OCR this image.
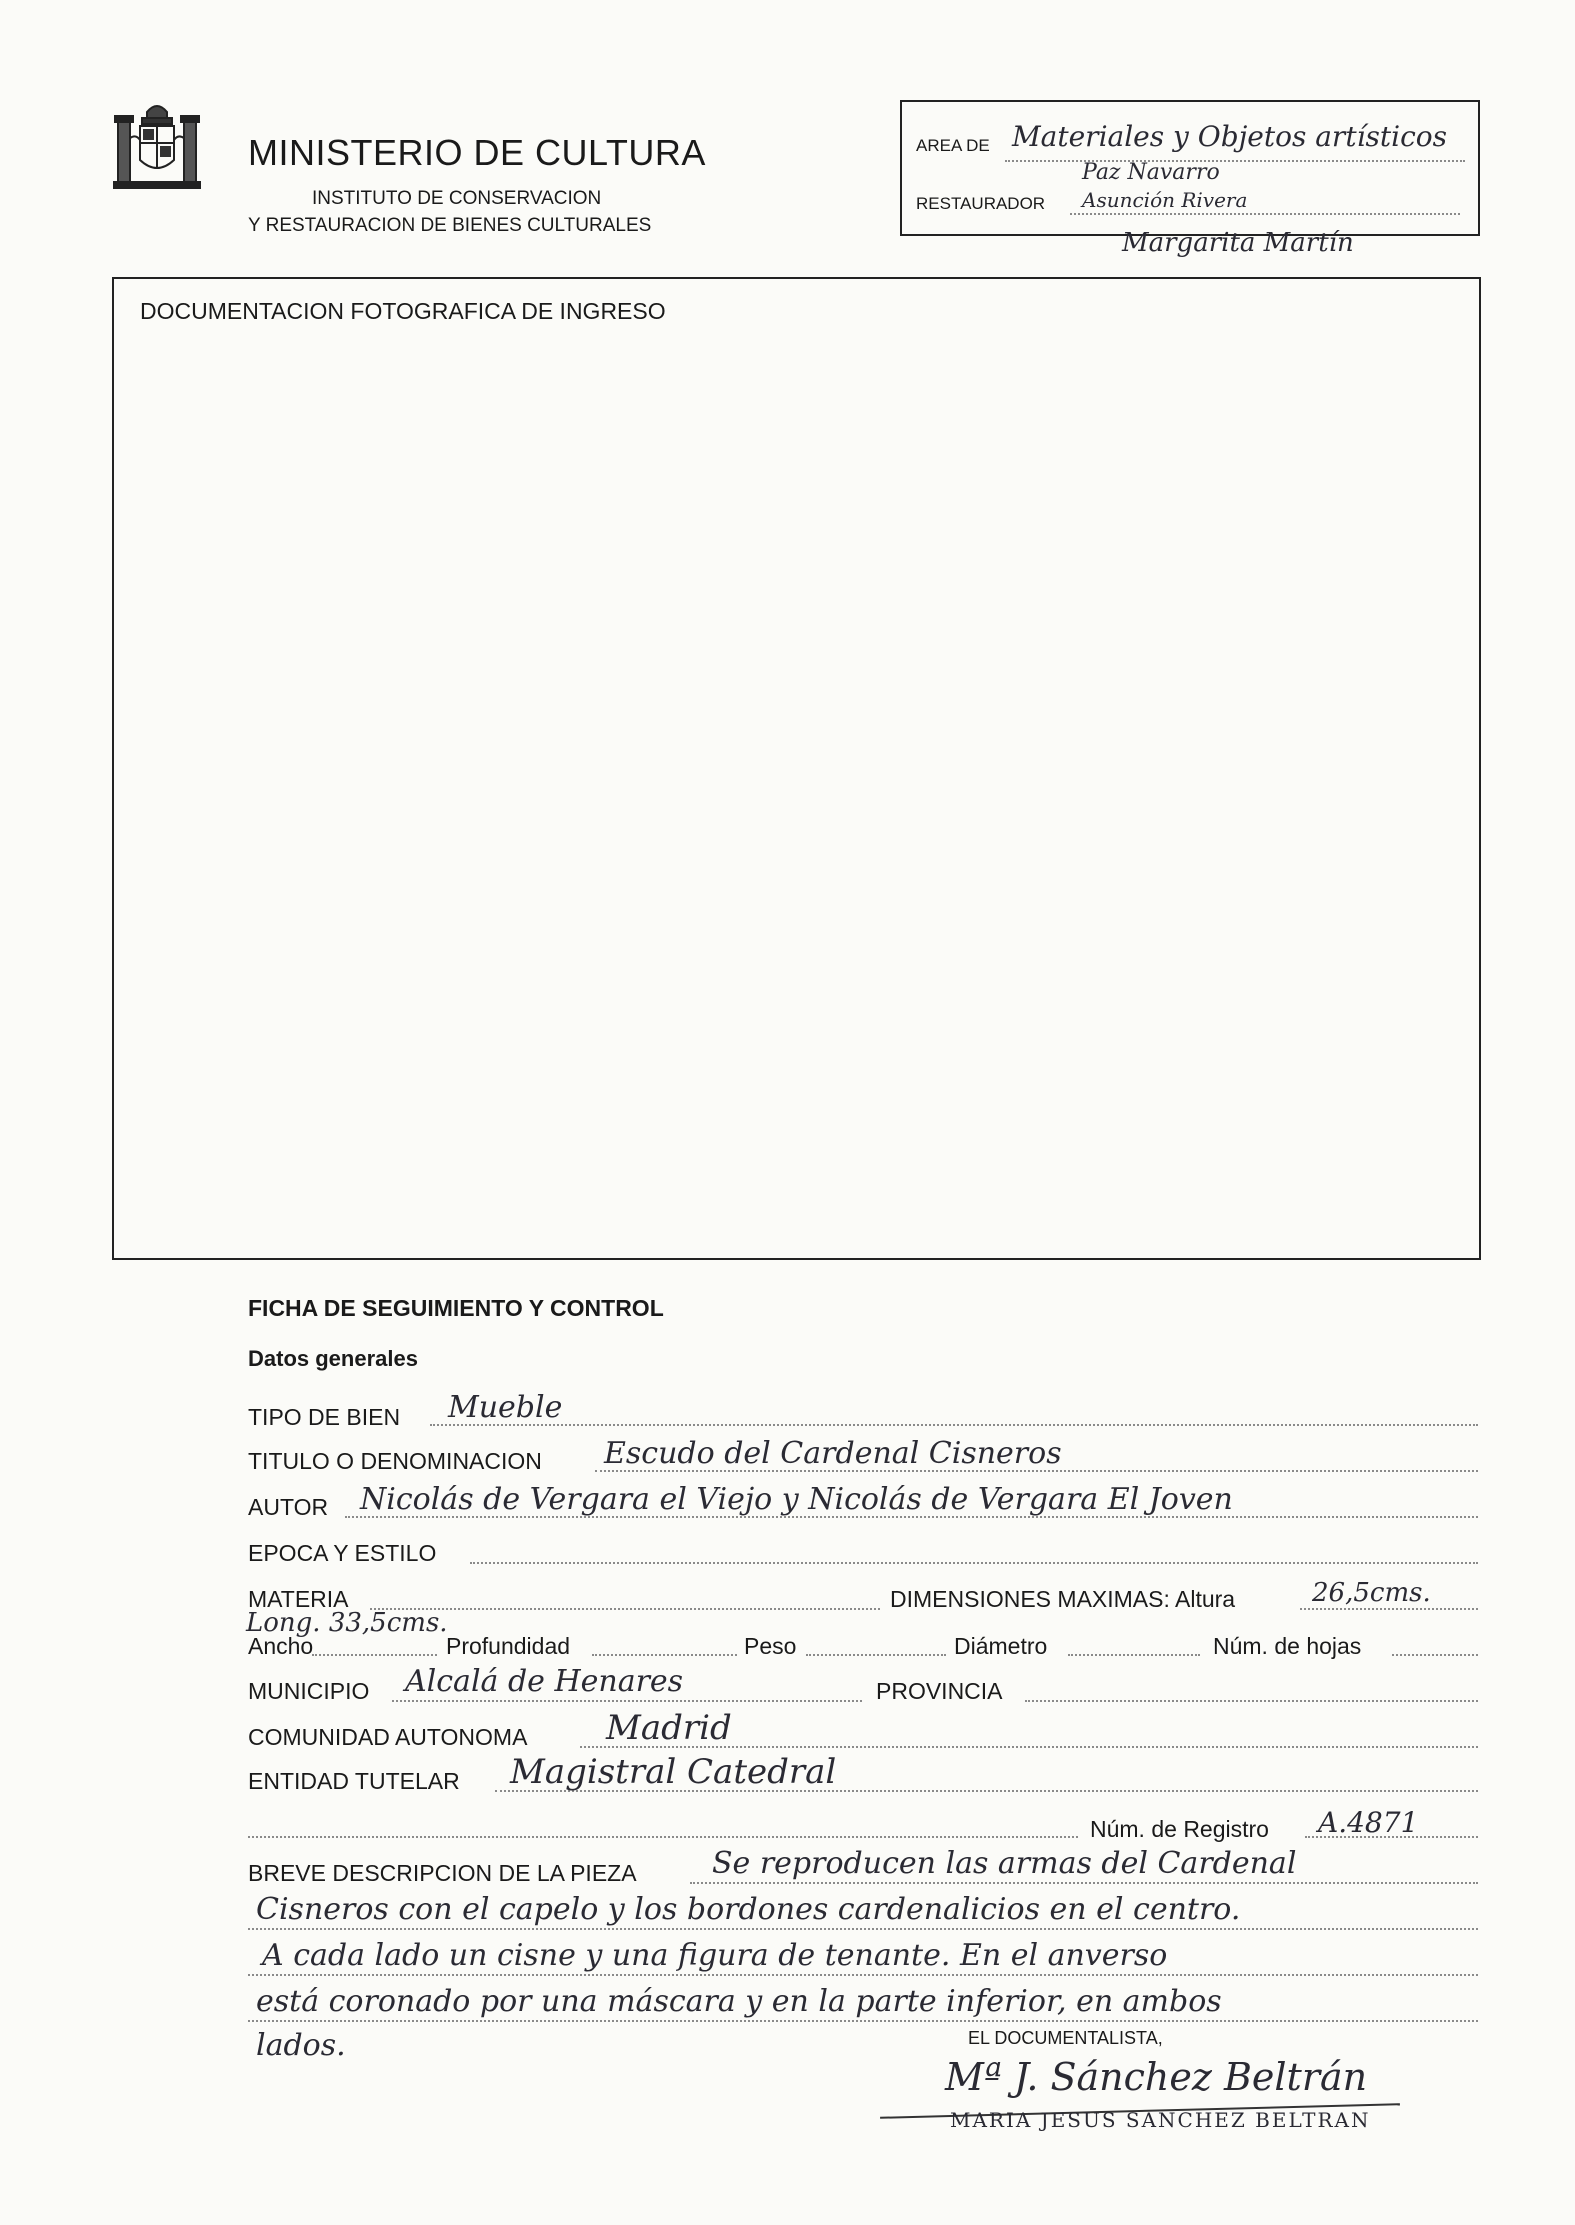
MINISTERIO DE CULTURA
INSTITUTO DE CONSERVACION
Y RESTAURACION DE BIENES CULTURALES
AREA DE Materiales y Objetos artísticos
Paz Navarro
RESTAURADOR Asunción Rivera
Margarita Martín
DOCUMENTACION FOTOGRAFICA DE INGRESO
FICHA DE SEGUIMIENTO Y CONTROL
Datos generales
TIPO DE BIEN Mueble
TITULO O DENOMINACION Escudo del Cardenal Cisneros
AUTOR Nicolás de Vergara el Viejo y Nicolás de Vergara El Joven
EPOCA Y ESTILO
MATERIA	DIMENSIONES MAXIMAS: Altura	26,5cms.
Long. 33,5cms.
Ancho	Profundidad	Peso	Diámetro	Núm. de hojas
MUNICIPIO Alcalá de Henares	PROVINCIA
COMUNIDAD AUTONOMA Madrid
ENTIDAD TUTELAR Magistral Catedral
Núm. de Registro A.4871
BREVE DESCRIPCION DE LA PIEZA	Se reproducen las armas del Cardenal
Cisneros con el capelo y los bordones cardenalicios en el centro.
A cada lado un cisne y una figura de tenante. En el anverso
está coronado por una máscara y en la parte inferior, en ambos
lados.	EL DOCUMENTALISTA,
Mª J. Sánchez Beltrán
MARIA JESUS SANCHEZ BELTRAN
